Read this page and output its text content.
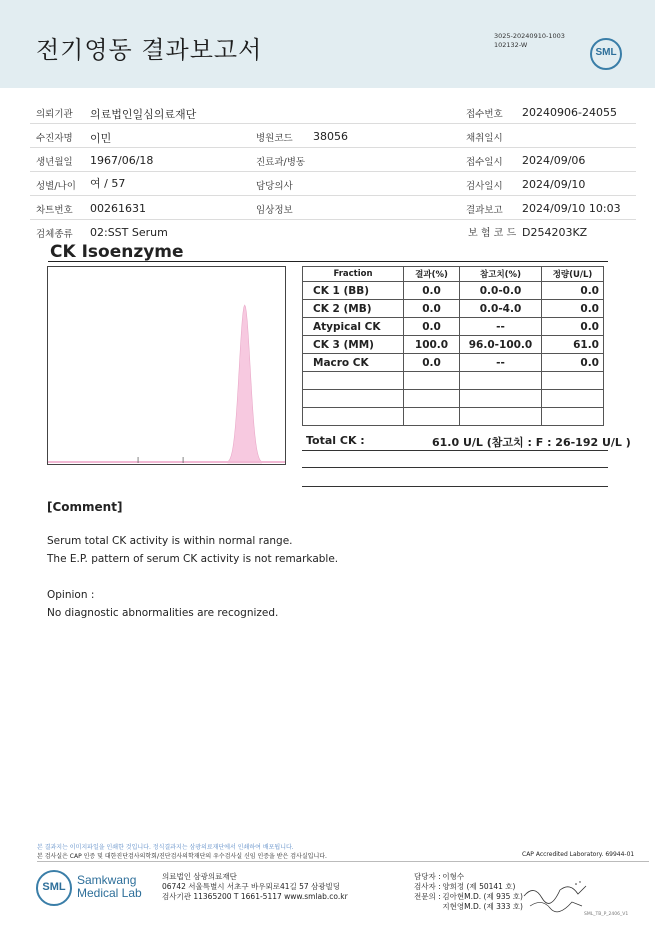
전기영동 결과보고서	3025-20240910-1003
102132-W
SML
의뢰기관 의료법인일심의료재단	접수번호 20240906-24055
수진자명 이민	병원코드 38056	채취일시
생년월일 1967/06/18	진료과/병동	접수일시 2024/09/06
성별/나이 여 / 57	담당의사	검사일시 2024/09/10
차트번호 00261631	임상정보	결과보고 2024/09/10 10:03
검체종류 02:SST Serum	보 험 코 드 D254203KZ
CK Isoenzyme
Fraction	결과(%)	참고치(%)	정량(U/L)
CK 1 (BB)	0.0	0.0-0.0	0.0
CK 2 (MB)	0.0	0.0-4.0	0.0
Atypical CK	0.0	--	0.0
CK 3 (MM)	100.0	96.0-100.0	61.0
Macro CK	0.0	--	0.0

Total CK :	61.0 U/L (참고치 : F : 26-192 U/L )
[Comment]
Serum total CK activity is within normal range.
The E.P. pattern of serum CK activity is not remarkable.
Opinion :
No diagnostic abnormalities are recognized.
본 결과지는 이미지파일을 인쇄한 것입니다. 정식결과지는 삼광의료재단에서 인쇄하여 배포됩니다.
본 검사실은 CAP 인증 및 대한진단검사의학회/진단검사의학재단의 우수검사실 신임 인증을 받은 검사실입니다.	CAP Accredited Laboratory. 69944-01
SML Samkwang
Medical Lab
의료법인 삼광의료재단
06742 서울특별시 서초구 바우뫼로41길 57 삼광빌딩
검사기관 11365200 T 1661-5117 www.smlab.co.kr
담당자 : 이형수
검사자 : 양희정 (제 50141 호)
전문의 : 김아현M.D. (제 935 호)
지현영M.D. (제 333 호)
SML_TB_P_2406_V1
